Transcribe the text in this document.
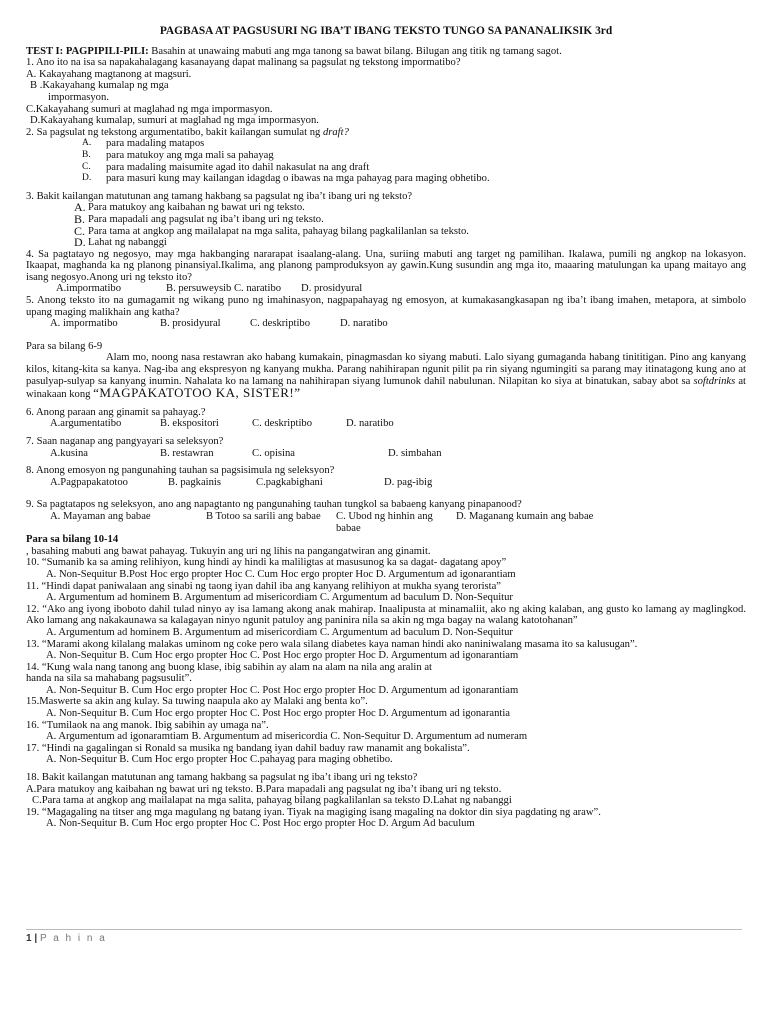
PAGBASA AT PAGSUSURI NG IBA’T IBANG TEKSTO TUNGO SA PANANALIKSIK 3rd

TEST I: PAGPIPILI-PILI: Basahin at unawaing mabuti ang mga tanong sa bawat bilang. Bilugan ang titik ng tamang sagot.

1. Ano ito na isa sa napakahalagang kasanayang dapat malinang sa pagsulat ng tekstong impormatibo?

A. Kakayahang magtanong at magsuri.

B .Kakayahang kumalap ng mga

impormasyon.

C.Kakayahang sumuri at maglahad ng mga impormasyon.

D.Kakayahang kumalap, sumuri at maglahad ng mga impormasyon.

2. Sa pagsulat ng tekstong argumentatibo, bakit kailangan sumulat ng draft?

A.	para madaling matapos
B.	para matukoy ang mga mali sa pahayag
C.	para madaling maisumite agad ito dahil nakasulat na ang draft
D.	para masuri kung may kailangan idagdag o ibawas na mga pahayag para maging obhetibo.

3. Bakit kailangan matutunan ang tamang hakbang sa pagsulat ng iba’t ibang uri ng teksto?

A. Para matukoy ang kaibahan ng bawat uri ng teksto.
B. Para mapadali ang pagsulat ng iba’t ibang uri ng teksto.
C. Para tama at angkop ang mailalapat na mga salita, pahayag bilang pagkalilanlan sa teksto.
D. Lahat ng nabanggi

4. Sa pagtatayo ng negosyo, may mga hakbanging nararapat isaalang-alang. Una, suriing mabuti ang target ng pamilihan. Ikalawa, pumili ng angkop na lokasyon. Ikaapat, maghanda ka ng planong pinansiyal.Ikalima, ang planong pamproduksyon ay gawin.Kung susundin ang mga ito, maaaring matulungan ka upang maitayo ang isang negosyo.Anong uri ng teksto ito?

A.impormatibo	B. persuweysib C. naratibo D. prosidyural

5. Anong teksto ito na gumagamit ng wikang puno ng imahinasyon, nagpapahayag ng emosyon, at kumakasangkasapan ng iba’t ibang imahen, metapora, at simbolo upang maging malikhain ang katha?

A. impormatibo	B. prosidyural	C. deskriptibo	D. naratibo

Para sa bilang 6-9

Alam mo, noong nasa restawran ako habang kumakain, pinagmasdan ko siyang mabuti. Lalo siyang gumaganda habang tinititigan. Pino ang kanyang kilos, kitang-kita sa kanya. Nag-iba ang ekspresyon ng kanyang mukha. Parang nahihirapan ngunit pilit pa rin siyang ngumingiti sa parang may itinatagong kung ano at pasulyap-sulyap sa kanyang inumin. Nahalata ko na lamang na nahihirapan siyang lumunok dahil nabulunan. Nilapitan ko siya at binatukan, sabay abot sa softdrinks at winakaan kong “MAGPAKATOTOO KA, SISTER!”

6. Anong paraan ang ginamit sa pahayag.?

A.argumentatibo	B. ekspositori	C. deskriptibo	D. naratibo

7. Saan naganap ang pangyayari sa seleksyon?

A.kusina	B. restawran	C. opisina	D. simbahan

8. Anong emosyon ng pangunahing tauhan sa pagsisimula ng seleksyon?

A.Pagpapakatotoo	B. pagkainis	C.pagkabighani	D. pag-ibig

9. Sa pagtatapos ng seleksyon, ano ang napagtanto ng pangunahing tauhan tungkol sa babaeng kanyang pinapanood?

A. Mayaman ang babae	B Totoo sa sarili ang babae	C. Ubod ng hinhin ang babae
D. Maganang kumain ang babae

Para sa bilang 10-14

, basahing mabuti ang bawat pahayag. Tukuyin ang uri ng lihis na pangangatwiran ang ginamit.

10. “Sumanib ka sa aming relihiyon, kung hindi ay hindi ka maliligtas at masusunog ka sa dagat- dagatang apoy”

A. Non-Sequitur B.Post Hoc ergo propter Hoc C. Cum Hoc ergo propter Hoc D. Argumentum ad igonarantiam

11. “Hindi dapat paniwalaan ang sinabi ng taong iyan dahil iba ang kanyang relihiyon at mukha syang terorista”

A. Argumentum ad hominem B. Argumentum ad misericordiam C. Argumentum ad baculum D. Non-Sequitur

12. “Ako ang iyong iboboto dahil tulad ninyo ay isa lamang akong anak mahirap. Inaalipusta at minamaliit, ako ng aking kalaban, ang gusto ko lamang ay maglingkod. Ako lamang ang nakakaunawa sa kalagayan ninyo ngunit patuloy ang paninira nila sa akin ng mga bagay na walang katotohanan”

A. Argumentum ad hominem B. Argumentum ad misericordiam C. Argumentum ad baculum D. Non-Sequitur

13. “Marami akong kilalang malakas uminom ng coke pero wala silang diabetes kaya naman hindi ako naniniwalang masama ito sa kalusugan”.

A. Non-Sequitur B. Cum Hoc ergo propter Hoc C. Post Hoc ergo propter Hoc D. Argumentum ad igonarantiam

14. “Kung wala nang tanong ang buong klase, ibig sabihin ay alam na alam na nila ang aralin at

handa na sila sa mahabang pagsusulit”.

A. Non-Sequitur B. Cum Hoc ergo propter Hoc C. Post Hoc ergo propter Hoc D. Argumentum ad igonarantiam

15.Maswerte sa akin ang kulay. Sa tuwing naapula ako ay Malaki ang benta ko”.

A. Non-Sequitur B. Cum Hoc ergo propter Hoc C. Post Hoc ergo propter Hoc D. Argumentum ad igonarantia

16. “Tumilaok na ang manok. Ibig sabihin ay umaga na”.

A. Argumentum ad igonaramtiam B. Argumentum ad misericordia C. Non-Sequitur D. Argumentum ad numeram

17. “Hindi na gagalingan si Ronald sa musika ng bandang iyan dahil baduy raw manamit ang bokalista”.

A. Non-Sequitur B. Cum Hoc ergo propter Hoc C.pahayag para maging obhetibo.

18. Bakit kailangan matutunan ang tamang hakbang sa pagsulat ng iba’t ibang uri ng teksto?

A.Para matukoy ang kaibahan ng bawat uri ng teksto. B.Para mapadali ang pagsulat ng iba’t ibang uri ng teksto.

C.Para tama at angkop ang mailalapat na mga salita, pahayag bilang pagkalilanlan sa teksto D.Lahat ng nabanggi

19. “Magagaling na titser ang mga magulang ng batang iyan. Tiyak na magiging isang magaling na doktor din siya pagdating ng araw”.

A. Non-Sequitur B. Cum Hoc ergo propter Hoc C. Post Hoc ergo propter Hoc D. Argum Ad baculum

1 | P a h i n a
